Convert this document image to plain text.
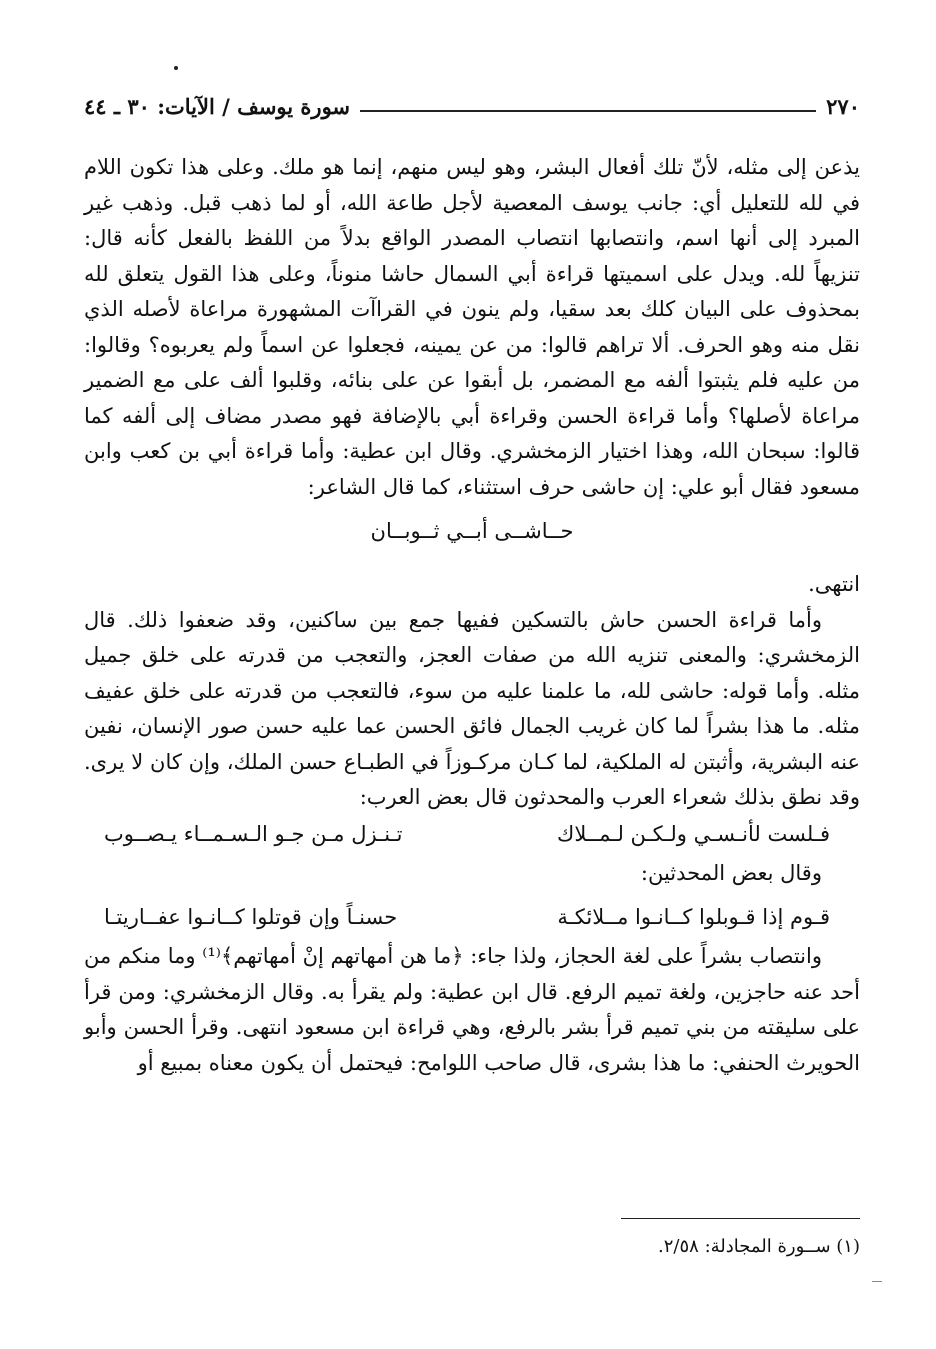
٢٧٠
سورة يوسف / الآيات: ٣٠ ـ ٤٤

يذعن إلى مثله، لأنّ تلك أفعال البشر، وهو ليس منهم، إنما هو ملك. وعلى هذا تكون اللام في لله للتعليل أي: جانب يوسف المعصية لأجل طاعة الله، أو لما ذهب قبل. وذهب غير المبرد إلى أنها اسم، وانتصابها انتصاب المصدر الواقع بدلاً من اللفظ بالفعل كأنه قال: تنزيهاً لله. ويدل على اسميتها قراءة أبي السمال حاشا منوناً، وعلى هذا القول يتعلق لله بمحذوف على البيان كلك بعد سقيا، ولم ينون في القراآت المشهورة مراعاة لأصله الذي نقل منه وهو الحرف. ألا تراهم قالوا: من عن يمينه، فجعلوا عن اسماً ولم يعربوه؟ وقالوا: من عليه فلم يثبتوا ألفه مع المضمر، بل أبقوا عن على بنائه، وقلبوا ألف على مع الضمير مراعاة لأصلها؟ وأما قراءة الحسن وقراءة أبي بالإضافة فهو مصدر مضاف إلى ألفه كما قالوا: سبحان الله، وهذا اختيار الزمخشري. وقال ابن عطية: وأما قراءة أبي بن كعب وابن مسعود فقال أبو علي: إن حاشى حرف استثناء، كما قال الشاعر:

حــاشــى أبــي ثــوبــان

انتهى.

وأما قراءة الحسن حاش بالتسكين ففيها جمع بين ساكنين، وقد ضعفوا ذلك. قال الزمخشري: والمعنى تنزيه الله من صفات العجز، والتعجب من قدرته على خلق جميل مثله. وأما قوله: حاشى لله، ما علمنا عليه من سوء، فالتعجب من قدرته على خلق عفيف مثله. ما هذا بشراً لما كان غريب الجمال فائق الحسن عما عليه حسن صور الإنسان، نفين عنه البشرية، وأثبتن له الملكية، لما كـان مركـوزاً في الطبـاع حسن الملك، وإن كان لا يرى. وقد نطق بذلك شعراء العرب والمحدثون قال بعض العرب:

فـلست لأنـسـي ولـكـن لـمــلاك
تـنـزل مـن جـو الـسـمــاء يـصــوب

وقال بعض المحدثين:

قـوم إذا قـوبلوا كــانـوا مــلائكـة
حسنـاً وإن قوتلوا كــانـوا عفــاريتـا

وانتصاب بشراً على لغة الحجاز، ولذا جاء: ﴿ما هن أمهاتهم إنْ أمهاتهم﴾⁽¹⁾ وما منكم من أحد عنه حاجزين، ولغة تميم الرفع. قال ابن عطية: ولم يقرأ به. وقال الزمخشري: ومن قرأ على سليقته من بني تميم قرأ بشر بالرفع، وهي قراءة ابن مسعود انتهى. وقرأ الحسن وأبو الحويرث الحنفي: ما هذا بشرى، قال صاحب اللوامح: فيحتمل أن يكون معناه بمبيع أو

(١) ســورة المجادلة: ٢/٥٨.
